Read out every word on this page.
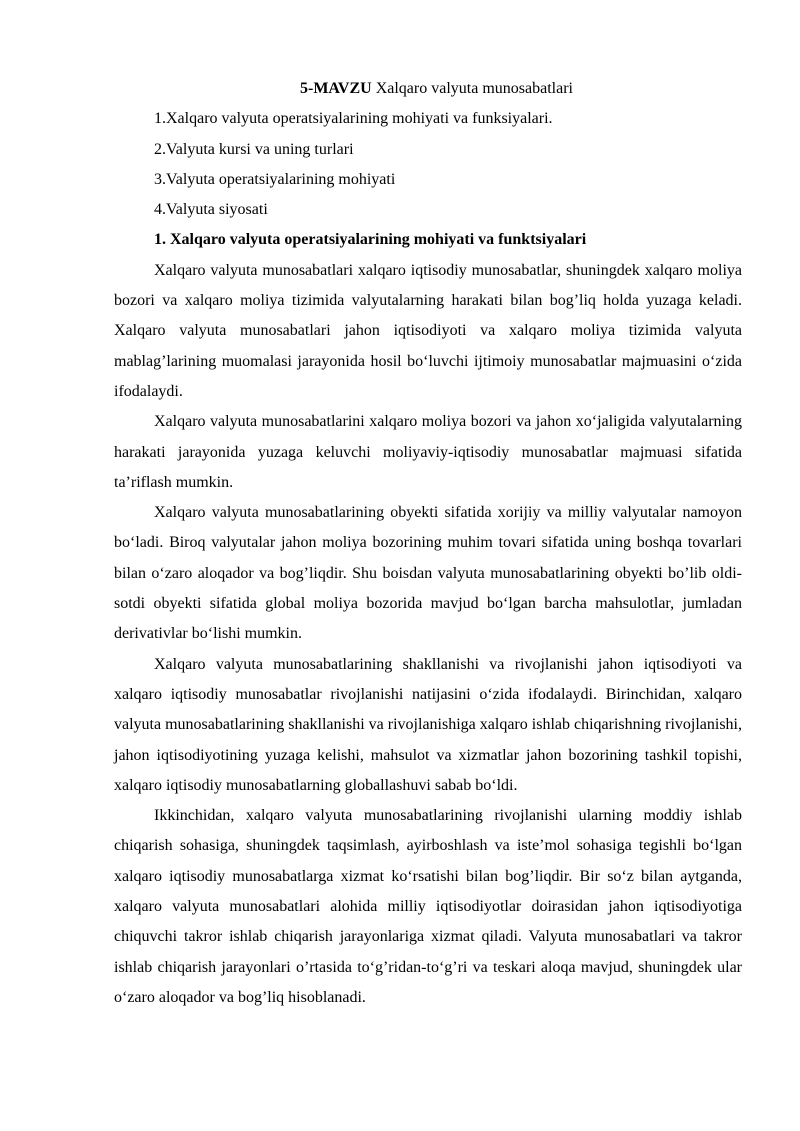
5-MAVZU Xalqaro valyuta munosabatlari
1.Xalqaro valyuta operatsiyalarining mohiyati va funksiyalari.
2.Valyuta kursi va uning turlari
3.Valyuta operatsiyalarining mohiyati
4.Valyuta siyosati
1. Xalqaro valyuta operatsiyalarining mohiyati va funktsiyalari

Xalqaro valyuta munosabatlari xalqaro iqtisodiy munosabatlar, shuningdek xalqaro moliya bozori va xalqaro moliya tizimida valyutalarning harakati bilan bog’liq holda yuzaga keladi. Xalqaro valyuta munosabatlari jahon iqtisodiyoti va xalqaro moliya tizimida valyuta mablag’larining muomalasi jarayonida hosil bo‘luvchi ijtimoiy munosabatlar majmuasini o‘zida ifodalaydi.

Xalqaro valyuta munosabatlarini xalqaro moliya bozori va jahon xo‘jaligida valyutalarning harakati jarayonida yuzaga keluvchi moliyaviy-iqtisodiy munosabatlar majmuasi sifatida ta’riflash mumkin.

Xalqaro valyuta munosabatlarining obyekti sifatida xorijiy va milliy valyutalar namoyon bo‘ladi. Biroq valyutalar jahon moliya bozorining muhim tovari sifatida uning boshqa tovarlari bilan o‘zaro aloqador va bog’liqdir. Shu boisdan valyuta munosabatlarining obyekti bo’lib oldi-sotdi obyekti sifatida global moliya bozorida mavjud bo‘lgan barcha mahsulotlar, jumladan derivativlar bo‘lishi mumkin.

Xalqaro valyuta munosabatlarining shakllanishi va rivojlanishi jahon iqtisodiyoti va xalqaro iqtisodiy munosabatlar rivojlanishi natijasini o‘zida ifodalaydi. Birinchidan, xalqaro valyuta munosabatlarining shakllanishi va rivojlanishiga xalqaro ishlab chiqarishning rivojlanishi, jahon iqtisodiyotining yuzaga kelishi, mahsulot va xizmatlar jahon bozorining tashkil topishi, xalqaro iqtisodiy munosabatlarning globallashuvi sabab bo‘ldi.

Ikkinchidan, xalqaro valyuta munosabatlarining rivojlanishi ularning moddiy ishlab chiqarish sohasiga, shuningdek taqsimlash, ayirboshlash va iste’mol sohasiga tegishli bo‘lgan xalqaro iqtisodiy munosabatlarga xizmat ko‘rsatishi bilan bog’liqdir. Bir so‘z bilan aytganda, xalqaro valyuta munosabatlari alohida milliy iqtisodiyotlar doirasidan jahon iqtisodiyotiga chiquvchi takror ishlab chiqarish jarayonlariga xizmat qiladi. Valyuta munosabatlari va takror ishlab chiqarish jarayonlari o’rtasida to‘g’ridan-to‘g’ri va teskari aloqa mavjud, shuningdek ular o‘zaro aloqador va bog’liq hisoblanadi.
